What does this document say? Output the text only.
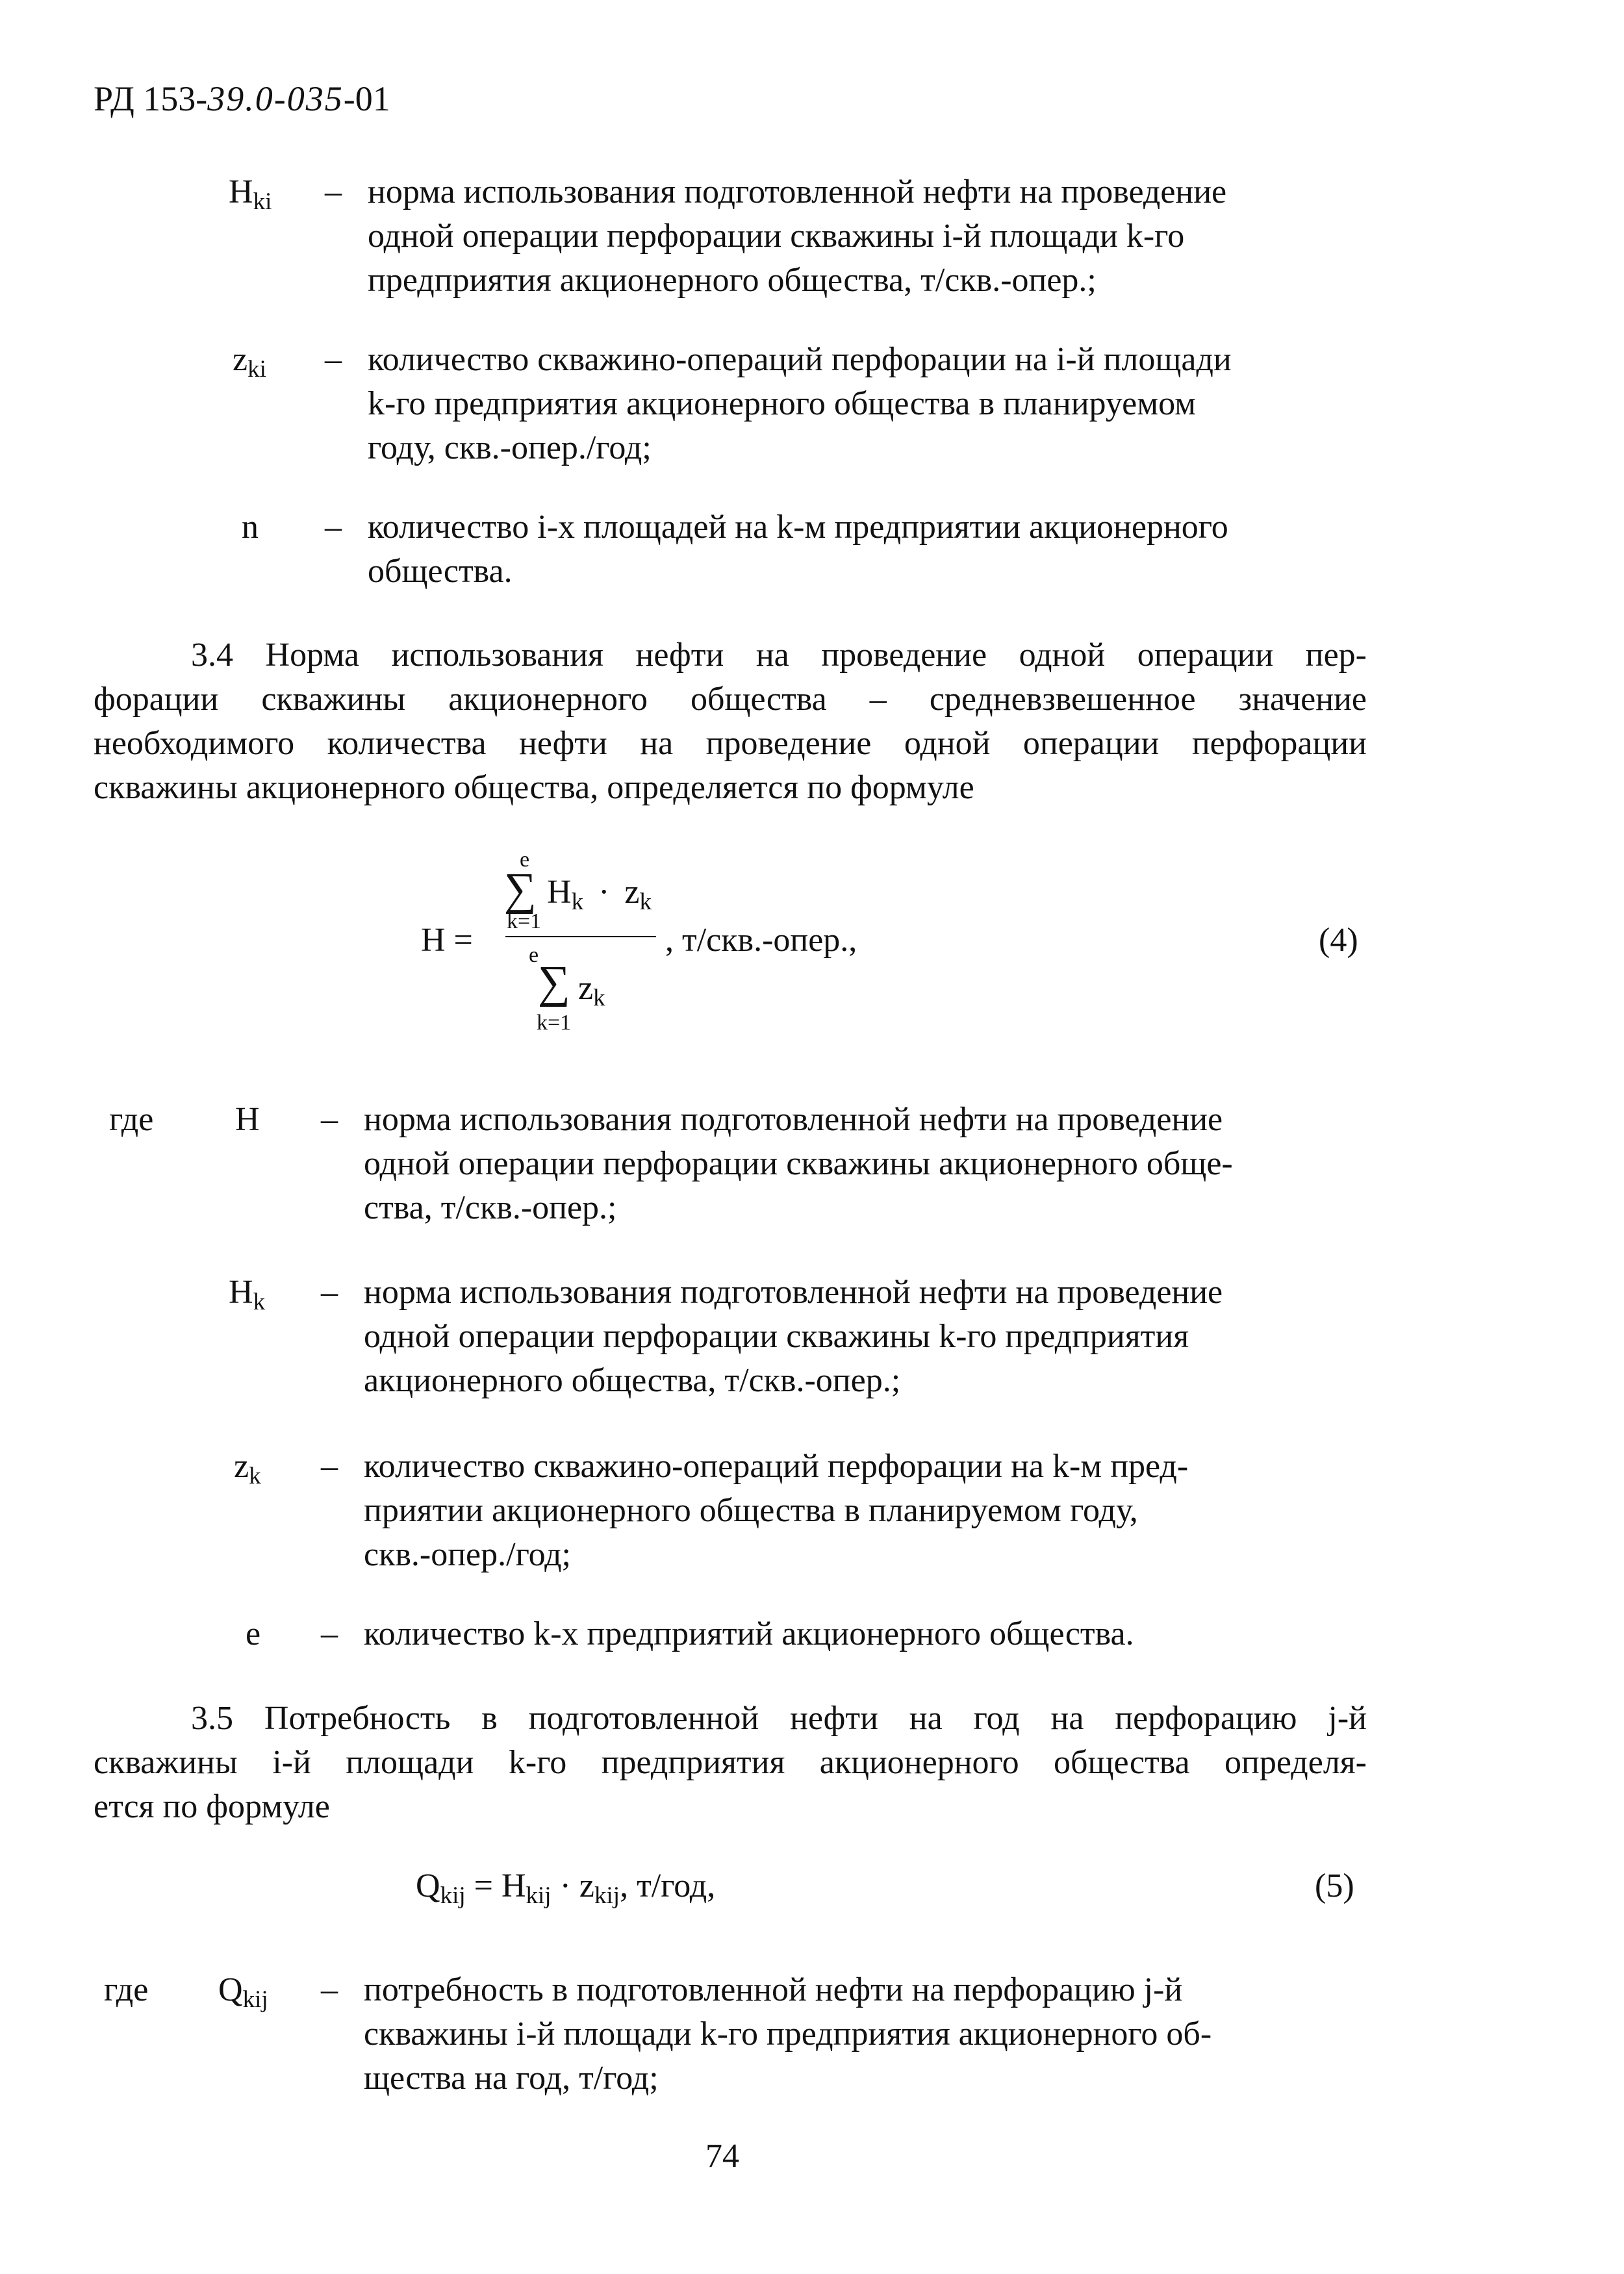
РД 153-39.0-035-01
$H_{ki}$ – норма использования подготовленной нефти на проведение
одной операции перфорации скважины i-й площади k-го
предприятия акционерного общества, т/скв.-опер.;
$z_{ki}$ – количество скважино-операций перфорации на i-й площади
k-го предприятия акционерного общества в планируемом
году, скв.-опер./год;
n – количество i-х площадей на k-м предприятии акционерного
общества.
3.4 Норма использования нефти на проведение одной операции пер-
форации скважины акционерного общества – средневзвешенное значение
необходимого количества нефти на проведение одной операции перфорации
скважины акционерного общества, определяется по формуле
H =
e
∑ $H_k \cdot z_k$
k=1
e
∑ $z_k$
k=1
, т/скв.-опер.,	(4)
где H – норма использования подготовленной нефти на проведение
одной операции перфорации скважины акционерного обще-
ства, т/скв.-опер.;
$H_k$ – норма использования подготовленной нефти на проведение
одной операции перфорации скважины k-го предприятия
акционерного общества, т/скв.-опер.;
$z_k$ – количество скважино-операций перфорации на k-м пред-
приятии акционерного общества в планируемом году,
скв.-опер./год;
e – количество k-х предприятий акционерного общества.
3.5 Потребность в подготовленной нефти на год на перфорацию j-й
скважины i-й площади k-го предприятия акционерного общества определя-
ется по формуле
$Q_{kij} = H_{kij} \cdot z_{kij}$, т/год,	(5)
где $Q_{kij}$ – потребность в подготовленной нефти на перфорацию j-й
скважины i-й площади k-го предприятия акционерного об-
щества на год, т/год;
74
